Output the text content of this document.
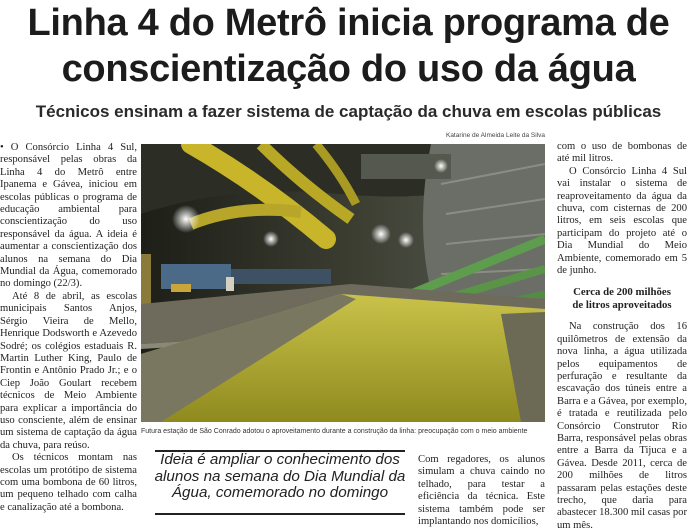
Linha 4 do Metrô inicia programa de
conscientização do uso da água
Técnicos ensinam a fazer sistema de captação da chuva em escolas públicas
Katarine de Almeida Leite da Silva

• O Consórcio Linha 4 Sul, responsável pelas obras da Linha 4 do Metrô entre Ipanema e Gávea, iniciou em escolas públicas o programa de educação ambiental para conscientização do uso responsável da água. A ideia é aumentar a conscientização dos alunos na semana do Dia Mundial da Água, comemorado no domingo (22/3).

Até 8 de abril, as escolas municipais Santos Anjos, Sérgio Vieira de Mello, Henrique Dodsworth e Azevedo Sodré; os colégios estaduais R. Martin Luther King, Paulo de Frontin e Antônio Prado Jr.; e o Ciep João Goulart recebem técnicos de Meio Ambiente para explicar a importância do uso consciente, além de ensinar um sistema de captação da água da chuva, para reúso.

Os técnicos montam nas escolas um protótipo de sistema com uma bombona de 60 litros, um pequeno telhado com calha e canalização até a bombona.

Futura estação de São Conrado adotou o aproveitamento durante a construção da linha: preocupação com o meio ambiente
Ideia é ampliar o conhecimento dos alunos na semana do Dia Mundial da Água, comemorado no domingo

Com regadores, os alunos simulam a chuva caindo no telhado, para testar a eficiência da técnica. Este sistema também pode ser implantando nos domicílios,

com o uso de bombonas de até mil litros.

O Consórcio Linha 4 Sul vai instalar o sistema de reaproveitamento da água da chuva, com cisternas de 200 litros, em seis escolas que participam do projeto até o Dia Mundial do Meio Ambiente, comemorado em 5 de junho.

Cerca de 200 milhões
de litros aproveitados

Na construção dos 16 quilômetros de extensão da nova linha, a água utilizada pelos equipamentos de perfuração e resultante da escavação dos túneis entre a Barra e a Gávea, por exemplo, é tratada e reutilizada pelo Consórcio Construtor Rio Barra, responsável pelas obras entre a Barra da Tijuca e a Gávea. Desde 2011, cerca de 200 milhões de litros passaram pelas estações deste trecho, que daria para abastecer 18.300 mil casas por um mês.
